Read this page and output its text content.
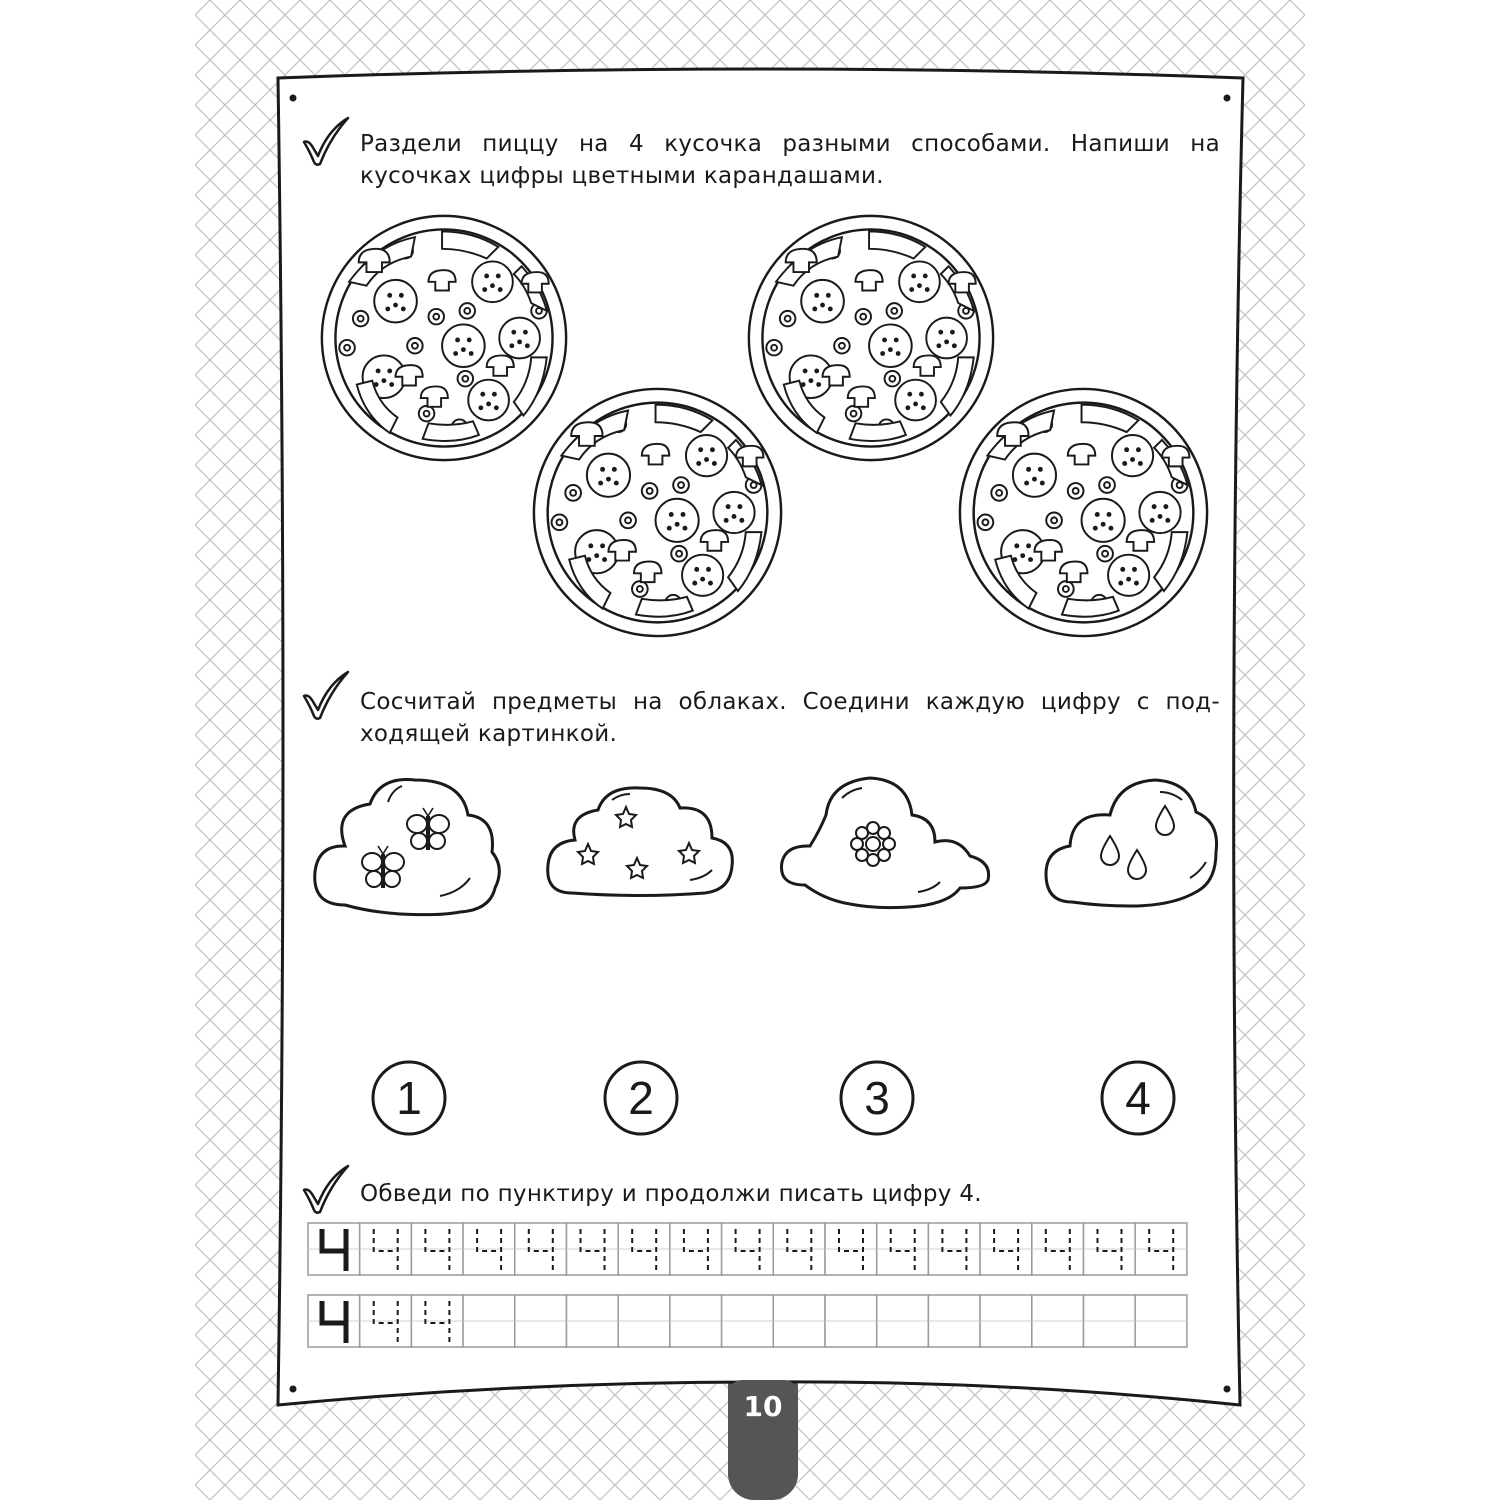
1	2	3	4

Раздели пиццу на 4 кусочка разными способами. Напиши на

кусочках цифры цветными карандашами.

Сосчитай предметы на облаках. Соедини каждую цифру с под-

ходящей картинкой.

Обведи по пунктиру и продолжи писать цифру 4.

10
